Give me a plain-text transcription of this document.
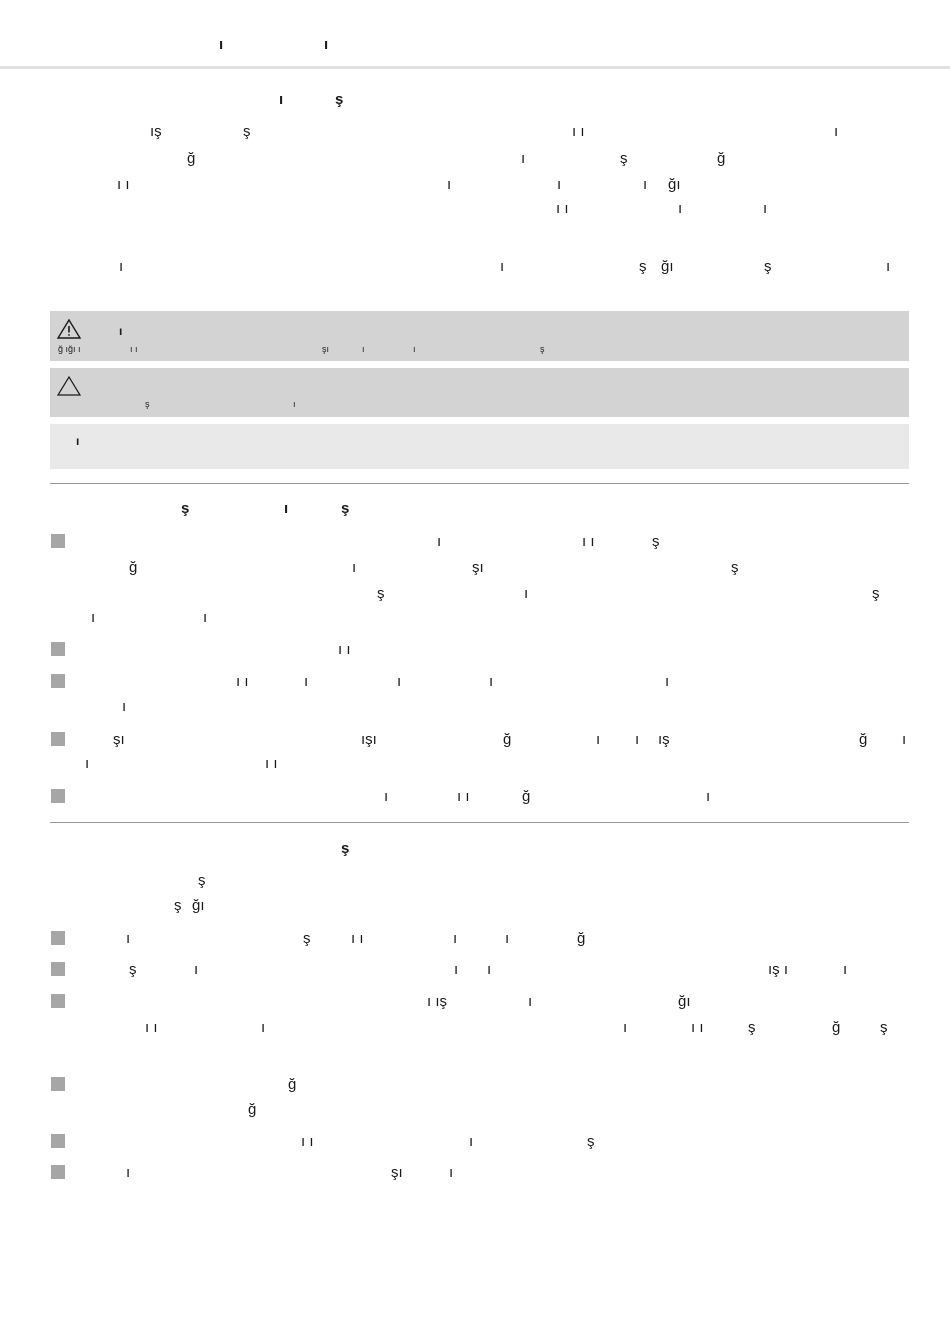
ı	ı
ı	ş
ış	ş	ı ı	ı
ğ	ı	ş	ğ
ı ı	ı	ı	ı ğı
ı ı	ı	ı
ı	ı	ş ğı	ş	ı
ı
ğ ığı ı	ı ı	şı	ı	ı	ş
ş	ı
ı
ş	ı	ş
ı	ı ı	ş
ğ	ı	şı	ş
ş	ı	ş
ı	ı
ı ı
ı ı	ı	ı	ı	ı
ı
şı	ışı	ğ	ı ı ış	ğ ı
ı	ı ı
ı	ı ı	ğ	ı
ş
ş
ş ğı
ı	ş	ı ı	ı	ı	ğ
ş	ı	ı ı	ış ı	ı
ı ış	ı	ğı
ı ı	ı	ı	ı ı	ş	ğ	ş
ğ
ğ
ı ı	ı	ş
ı	şı	ı
